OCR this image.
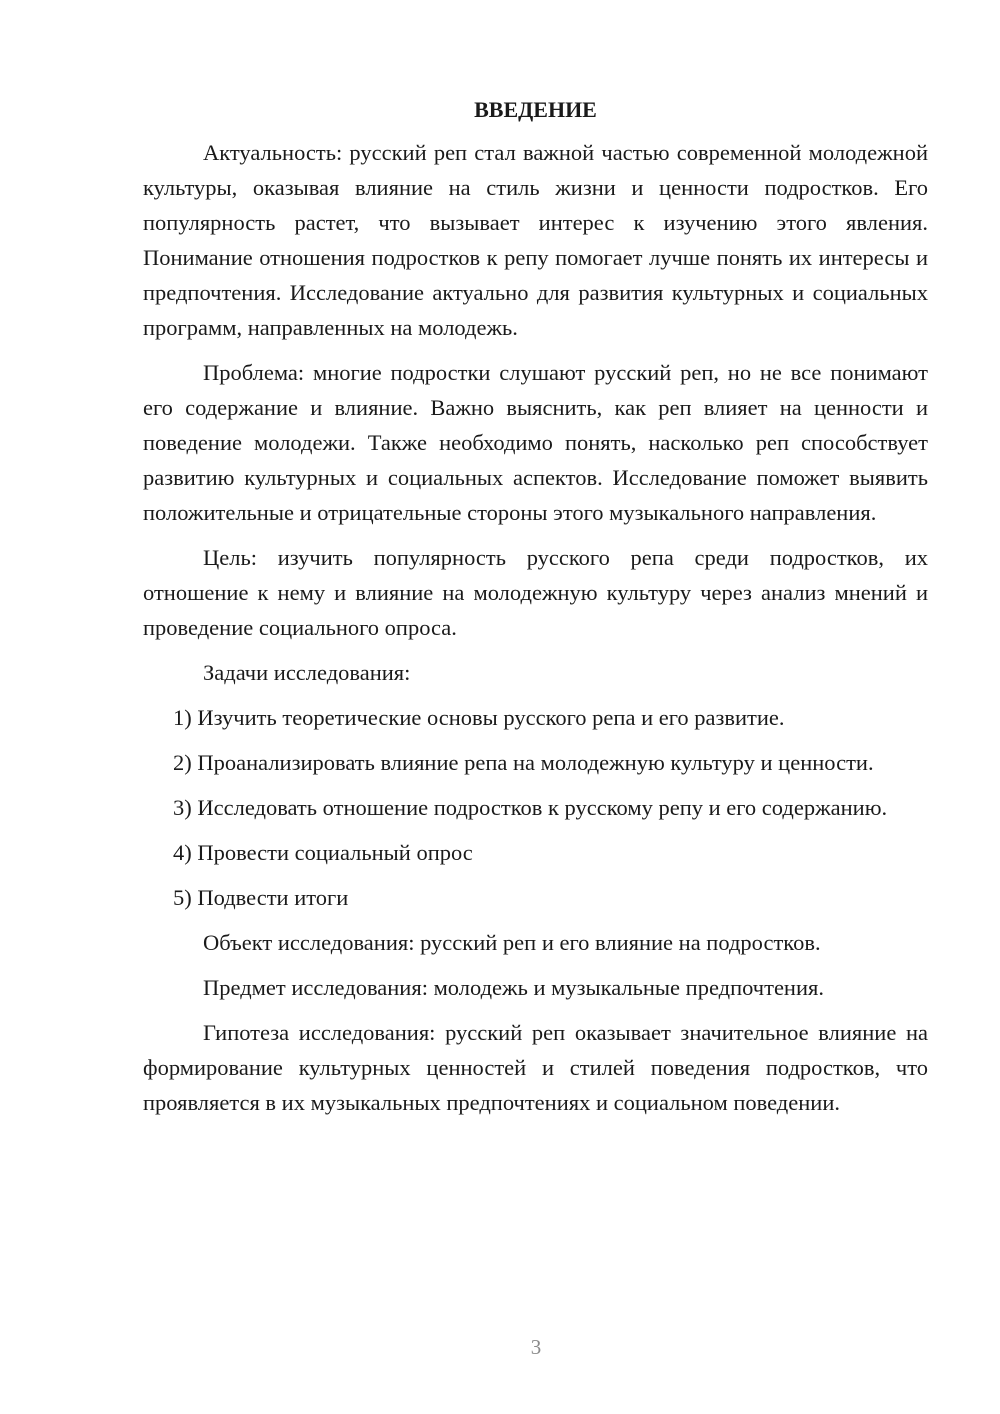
ВВЕДЕНИЕ

Актуальность: русский реп стал важной частью современной молодежной культуры, оказывая влияние на стиль жизни и ценности подростков. Его популярность растет, что вызывает интерес к изучению этого явления. Понимание отношения подростков к репу помогает лучше понять их интересы и предпочтения. Исследование актуально для развития культурных и социальных программ, направленных на молодежь.

Проблема: многие подростки слушают русский реп, но не все понимают его содержание и влияние. Важно выяснить, как реп влияет на ценности и поведение молодежи. Также необходимо понять, насколько реп способствует развитию культурных и социальных аспектов. Исследование поможет выявить положительные и отрицательные стороны этого музыкального направления.

Цель: изучить популярность русского репа среди подростков, их отношение к нему и влияние на молодежную культуру через анализ мнений и проведение социального опроса.

Задачи исследования:

1) Изучить теоретические основы русского репа и его развитие.

2) Проанализировать влияние репа на молодежную культуру и ценности.

3) Исследовать отношение подростков к русскому репу и его содержанию.

4) Провести социальный опрос

5) Подвести итоги

Объект исследования: русский реп и его влияние на подростков.

Предмет исследования: молодежь и музыкальные предпочтения.

Гипотеза исследования: русский реп оказывает значительное влияние на формирование культурных ценностей и стилей поведения подростков, что проявляется в их музыкальных предпочтениях и социальном поведении.

3
